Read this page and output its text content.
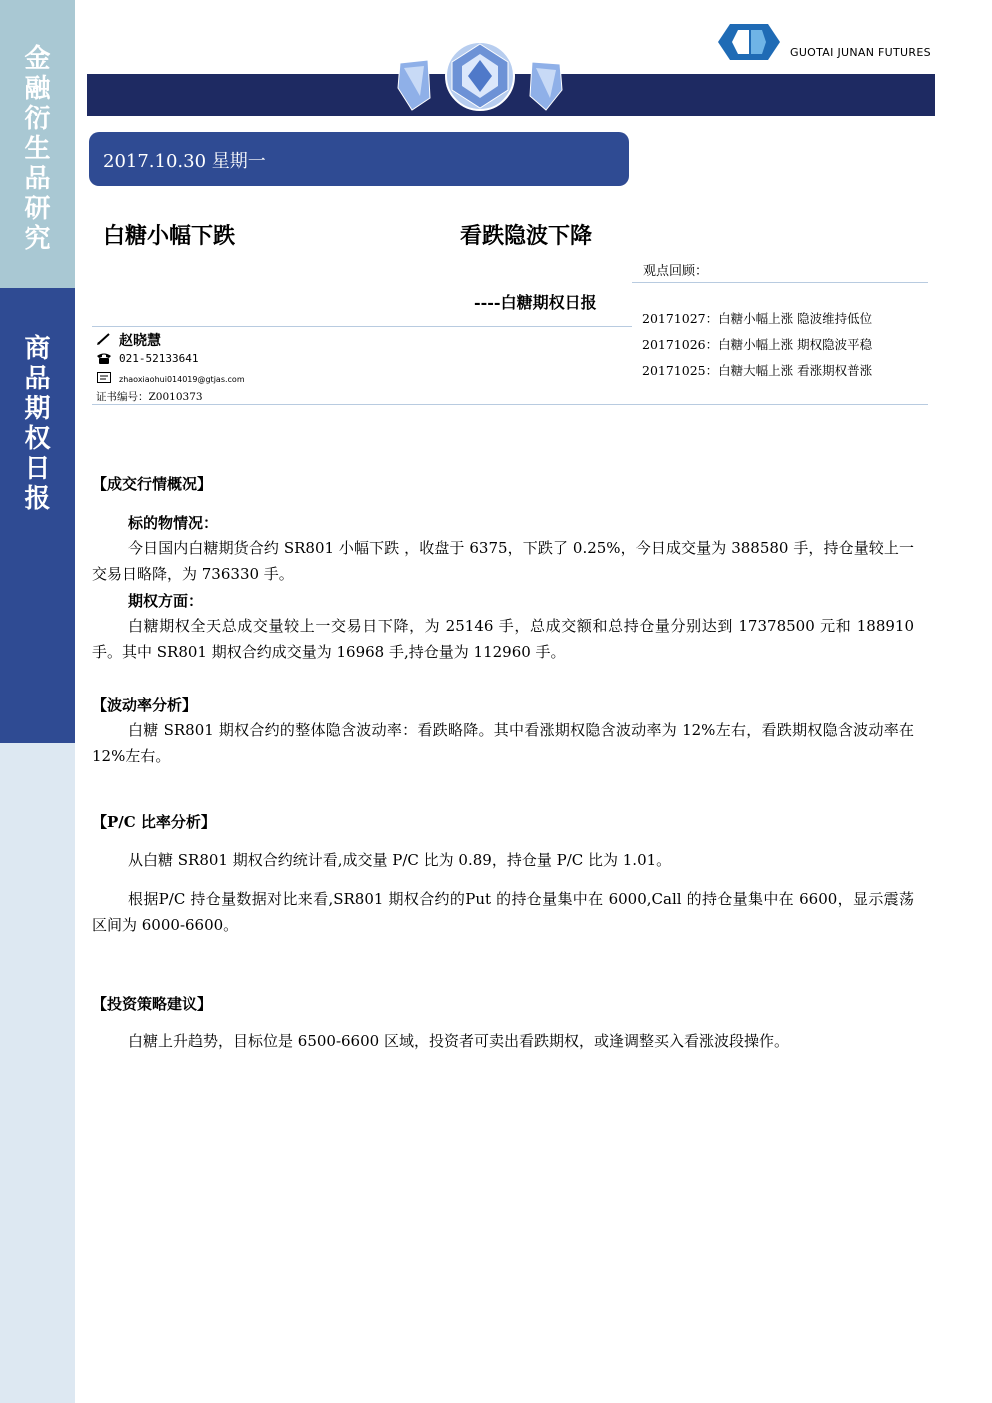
金
融
衍
生
品
研
究
商
品
期
权
日
报
GUOTAI JUNAN FUTURES
2017.10.30 星期一
白糖小幅下跌	看跌隐波下降
----白糖期权日报
观点回顾：
20171027：白糖小幅上涨 隐波维持低位
20171026：白糖小幅上涨 期权隐波平稳
20171025：白糖大幅上涨 看涨期权普涨
赵晓慧
021-52133641
zhaoxiaohui014019@gtjas.com
证书编号：Z0010373
【成交行情概况】
标的物情况：

今日国内白糖期货合约 SR801 小幅下跌 ，收盘于 6375，下跌了 0.25%，今日成交量为 388580 手，持仓量较上一交易日略降，为 736330 手。

期权方面：

白糖期权全天总成交量较上一交易日下降，为 25146 手，总成交额和总持仓量分别达到 17378500 元和 188910 手。其中 SR801 期权合约成交量为 16968 手,持仓量为 112960 手。

【波动率分析】

白糖 SR801 期权合约的整体隐含波动率：看跌略降。其中看涨期权隐含波动率为 12%左右，看跌期权隐含波动率在 12%左右。

【P/C 比率分析】

从白糖 SR801 期权合约统计看,成交量 P/C 比为 0.89，持仓量 P/C 比为 1.01。

根据P/C 持仓量数据对比来看,SR801 期权合约的Put 的持仓量集中在 6000,Call 的持仓量集中在 6600，显示震荡区间为 6000-6600。

【投资策略建议】

白糖上升趋势，目标位是 6500-6600 区域，投资者可卖出看跌期权，或逢调整买入看涨波段操作。
